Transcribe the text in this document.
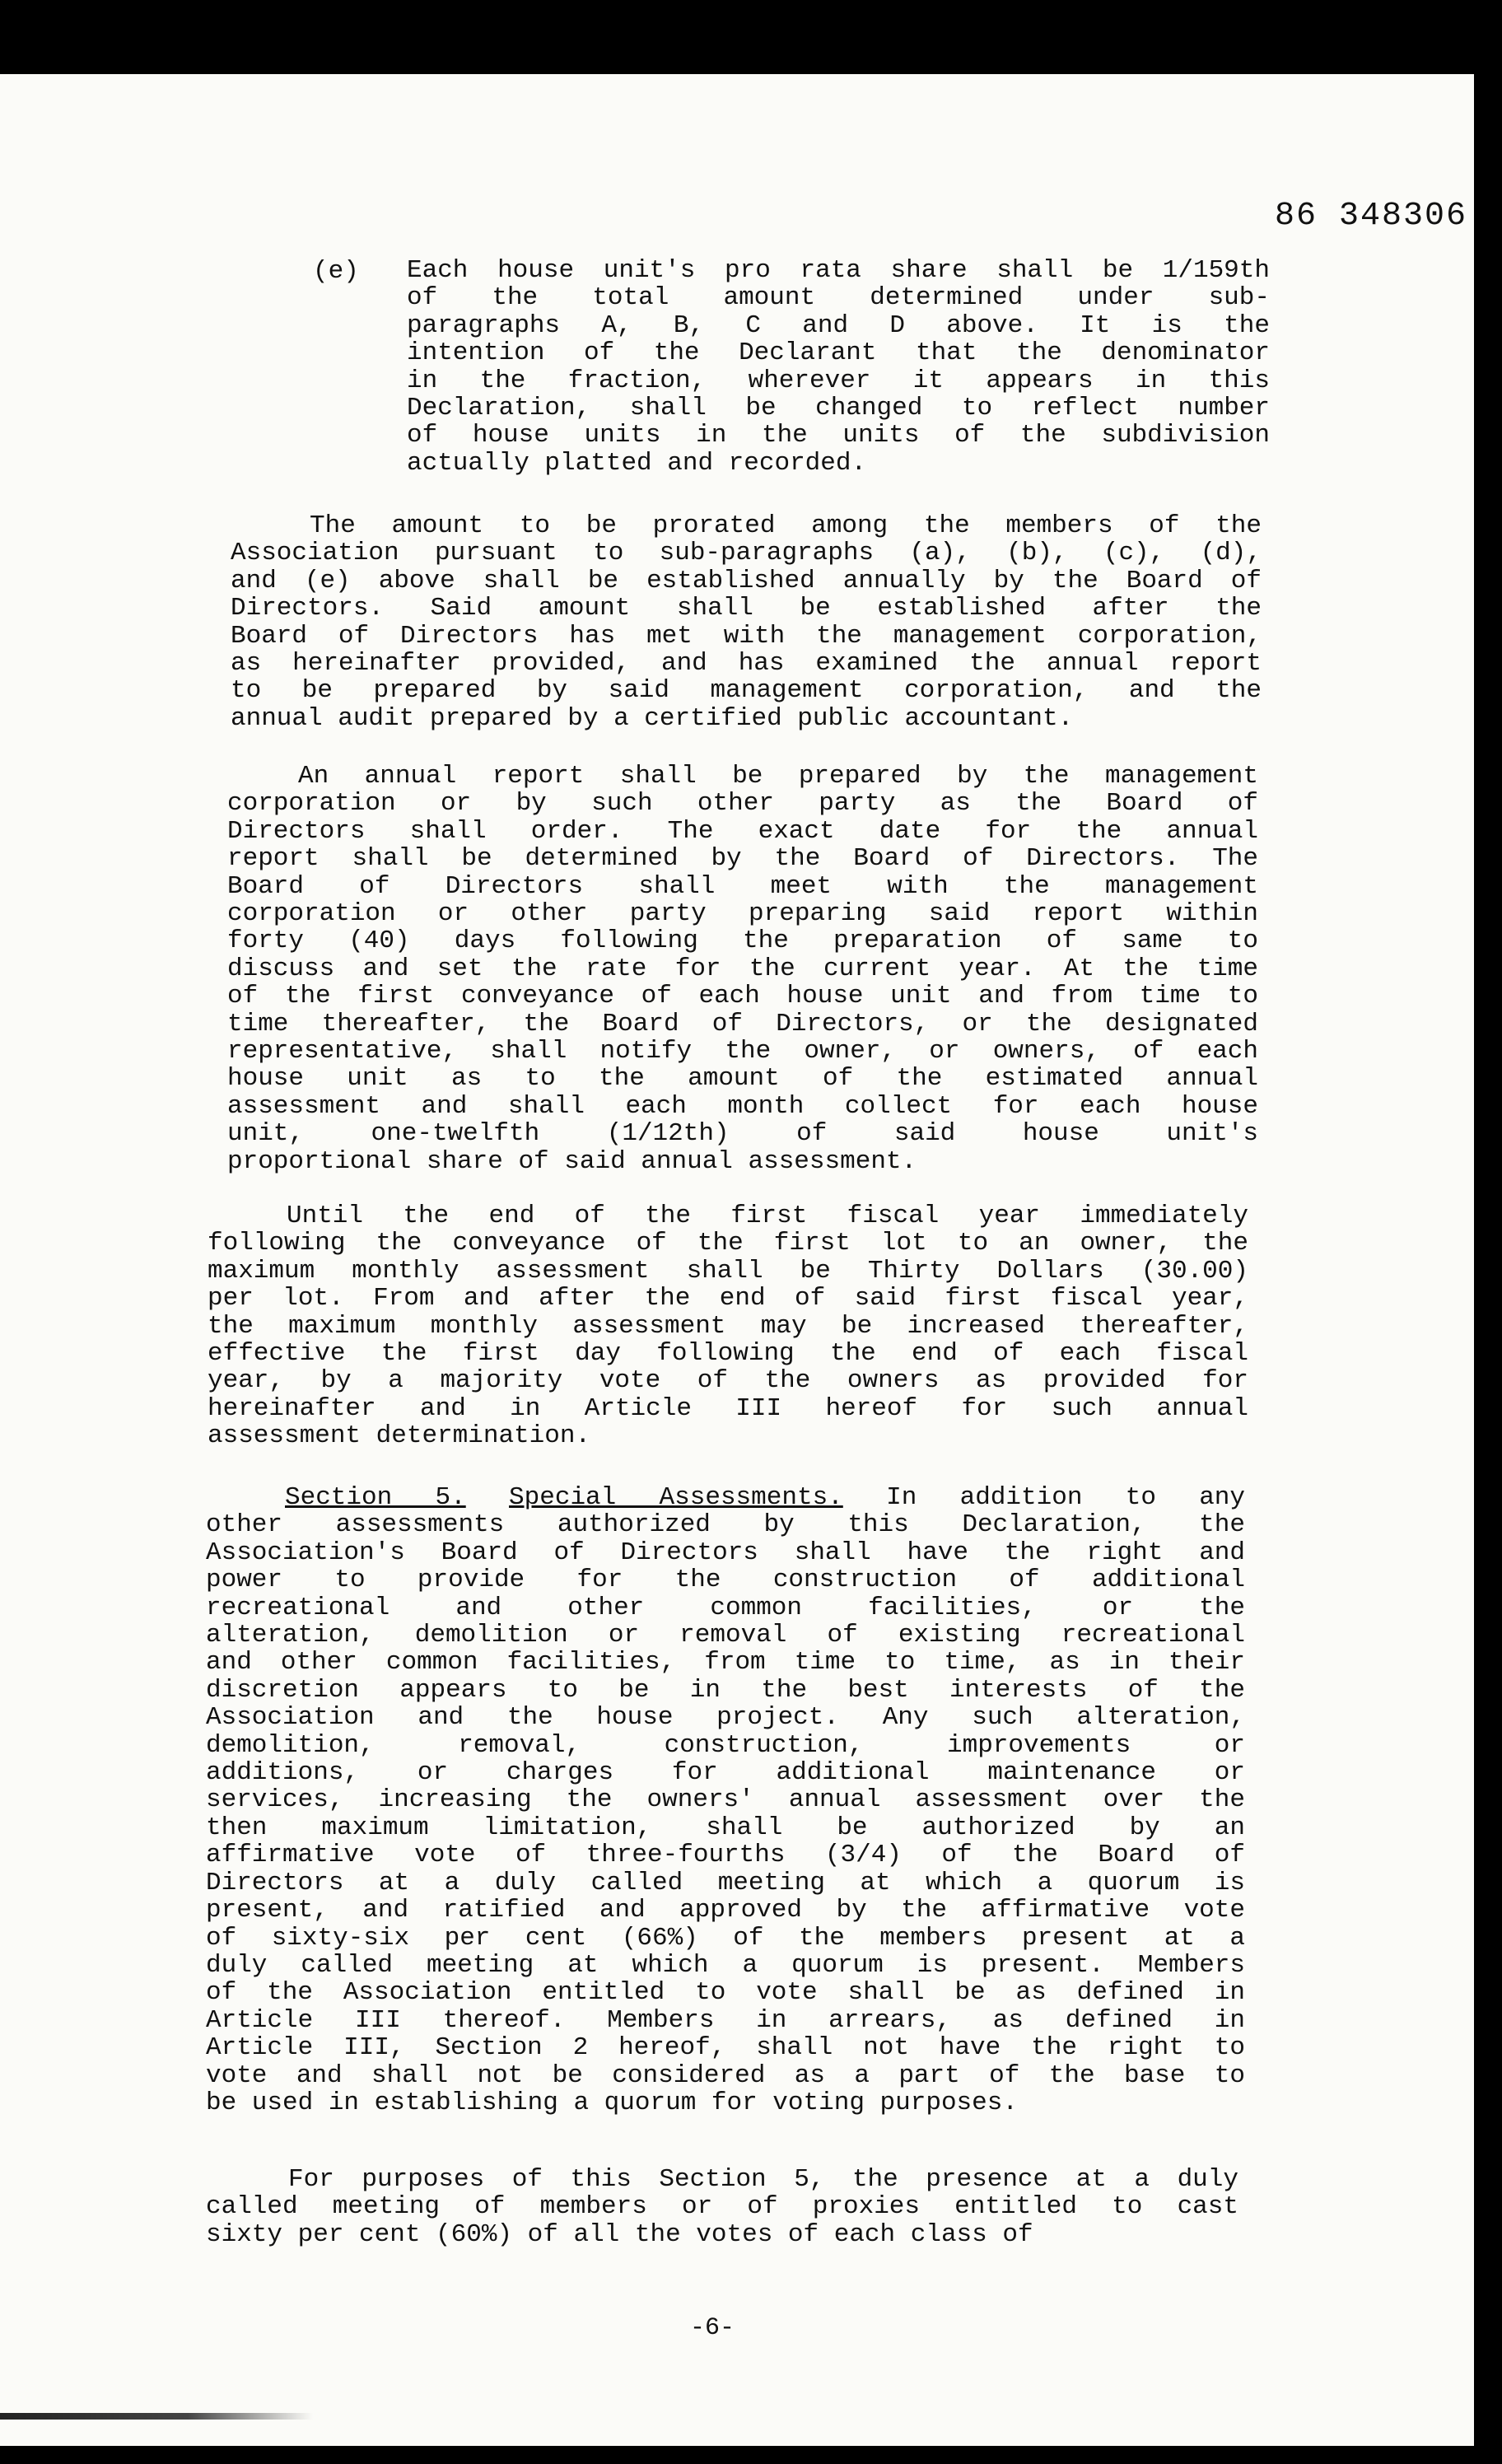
86 348306
(e) Each house unit's pro rata share shall be 1/159th
of the total amount determined under sub-
paragraphs A, B, C and D above. It is the
intention of the Declarant that the denominator
in the fraction, wherever it appears in this
Declaration, shall be changed to reflect number
of house units in the units of the subdivision
actually platted and recorded.
The amount to be prorated among the members of the
Association pursuant to sub-paragraphs (a), (b), (c), (d),
and (e) above shall be established annually by the Board of
Directors. Said amount shall be established after the
Board of Directors has met with the management corporation,
as hereinafter provided, and has examined the annual report
to be prepared by said management corporation, and the
annual audit prepared by a certified public accountant.
An annual report shall be prepared by the management
corporation or by such other party as the Board of
Directors shall order. The exact date for the annual
report shall be determined by the Board of Directors. The
Board of Directors shall meet with the management
corporation or other party preparing said report within
forty (40) days following the preparation of same to
discuss and set the rate for the current year. At the time
of the first conveyance of each house unit and from time to
time thereafter, the Board of Directors, or the designated
representative, shall notify the owner, or owners, of each
house unit as to the amount of the estimated annual
assessment and shall each month collect for each house
unit, one-twelfth (1/12th) of said house unit's
proportional share of said annual assessment.
Until the end of the first fiscal year immediately
following the conveyance of the first lot to an owner, the
maximum monthly assessment shall be Thirty Dollars (30.00)
per lot. From and after the end of said first fiscal year,
the maximum monthly assessment may be increased thereafter,
effective the first day following the end of each fiscal
year, by a majority vote of the owners as provided for
hereinafter and in Article III hereof for such annual
assessment determination.
Section 5. Special Assessments. In addition to any
other assessments authorized by this Declaration, the
Association's Board of Directors shall have the right and
power to provide for the construction of additional
recreational and other common facilities, or the
alteration, demolition or removal of existing recreational
and other common facilities, from time to time, as in their
discretion appears to be in the best interests of the
Association and the house project. Any such alteration,
demolition, removal, construction, improvements or
additions, or charges for additional maintenance or
services, increasing the owners' annual assessment over the
then maximum limitation, shall be authorized by an
affirmative vote of three-fourths (3/4) of the Board of
Directors at a duly called meeting at which a quorum is
present, and ratified and approved by the affirmative vote
of sixty-six per cent (66%) of the members present at a
duly called meeting at which a quorum is present. Members
of the Association entitled to vote shall be as defined in
Article III thereof. Members in arrears, as defined in
Article III, Section 2 hereof, shall not have the right to
vote and shall not be considered as a part of the base to
be used in establishing a quorum for voting purposes.
For purposes of this Section 5, the presence at a duly
called meeting of members or of proxies entitled to cast
sixty per cent (60%) of all the votes of each class of
-6-
